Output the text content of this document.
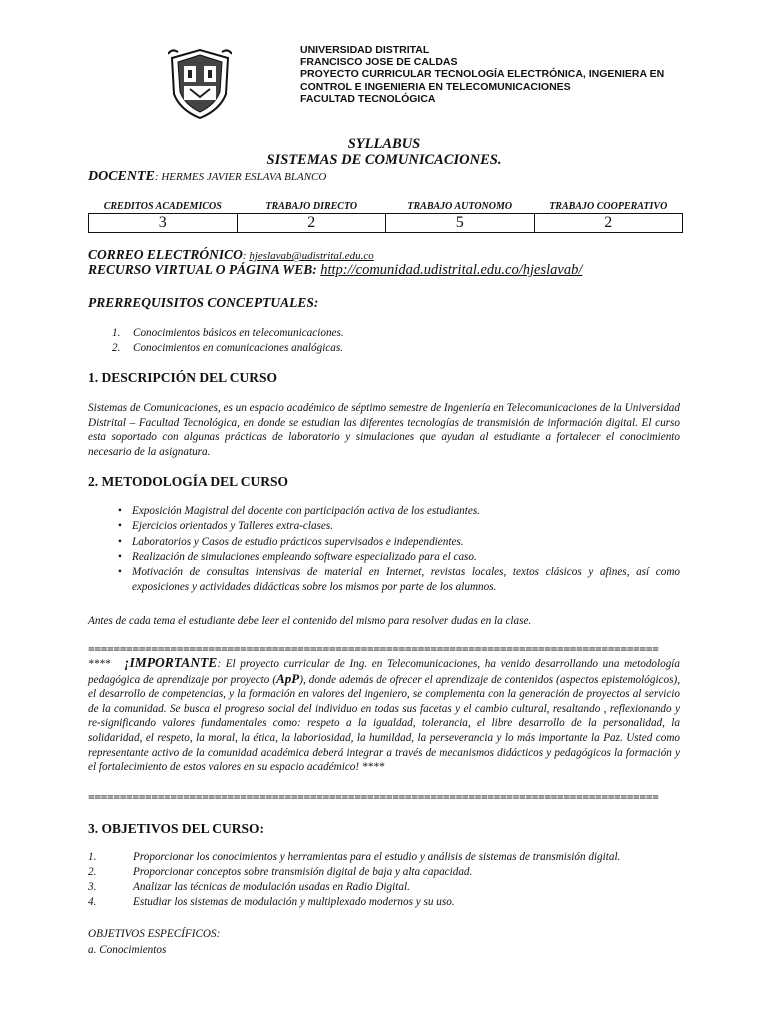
UNIVERSIDAD DISTRITAL
FRANCISCO JOSE DE CALDAS
PROYECTO CURRICULAR TECNOLOGÍA ELECTRÓNICA, INGENIERA EN
CONTROL E INGENIERIA EN TELECOMUNICACIONES
FACULTAD TECNOLÓGICA
SYLLABUS
SISTEMAS DE COMUNICACIONES.
DOCENTE: HERMES JAVIER ESLAVA BLANCO
CREDITOS ACADEMICOS	TRABAJO DIRECTO	TRABAJO AUTONOMO	TRABAJO COOPERATIVO
3	2	5	2
CORREO ELECTRÓNICO: hjeslavab@udistrital.edu.co
RECURSO VIRTUAL O PÁGINA WEB: http://comunidad.udistrital.edu.co/hjeslavab/
PRERREQUISITOS CONCEPTUALES:
1.	Conocimientos básicos en telecomunicaciones.
2.	Conocimientos en comunicaciones analógicas.
1. DESCRIPCIÓN DEL CURSO
Sistemas de Comunicaciones, es un espacio académico de séptimo semestre de Ingeniería en Telecomunicaciones de la Universidad Distrital – Facultad Tecnológica, en donde se estudian las diferentes tecnologías de transmisión de información digital. El curso esta soportado con algunas prácticas de laboratorio y simulaciones que ayudan al estudiante a fortalecer el conocimiento necesario de la asignatura.
2. METODOLOGÍA DEL CURSO
• Exposición Magistral del docente con participación activa de los estudiantes.
• Ejercicios orientados y Talleres extra-clases.
• Laboratorios y Casos de estudio prácticos supervisados e independientes.
• Realización de simulaciones empleando software especializado para el caso.
• Motivación de consultas intensivas de material en Internet, revistas locales, textos clásicos y afines, así como exposiciones y actividades didácticas sobre los mismos por parte de los alumnos.
Antes de cada tema el estudiante debe leer el contenido del mismo para resolver dudas en la clase.
==========================================================================================
**** ¡IMPORTANTE: El proyecto curricular de Ing. en Telecomunicaciones, ha venido desarrollando una metodología pedagógica de aprendizaje por proyecto (ApP), donde además de ofrecer el aprendizaje de contenidos (aspectos epistemológicos), el desarrollo de competencias, y la formación en valores del ingeniero, se complementa con la generación de proyectos al servicio de la comunidad. Se busca el progreso social del individuo en todas sus facetas y el cambio cultural, resaltando , reflexionando y re-significando valores fundamentales como: respeto a la igualdad, tolerancia, el libre desarrollo de la personalidad, la solidaridad, el respeto, la moral, la ética, la laboriosidad, la humildad, la perseverancia y lo más importante la Paz. Usted como representante activo de la comunidad académica deberá integrar a través de mecanismos didácticos y pedagógicos la formación y el fortalecimiento de estos valores en su espacio académico! ****
==========================================================================================
3. OBJETIVOS DEL CURSO:
1.	Proporcionar los conocimientos y herramientas para el estudio y análisis de sistemas de transmisión digital.
2.	Proporcionar conceptos sobre transmisión digital de baja y alta capacidad.
3.	Analizar las técnicas de modulación usadas en Radio Digital.
4.	Estudiar los sistemas de modulación y multiplexado modernos y su uso.
OBJETIVOS ESPECÍFICOS:
a. Conocimientos
